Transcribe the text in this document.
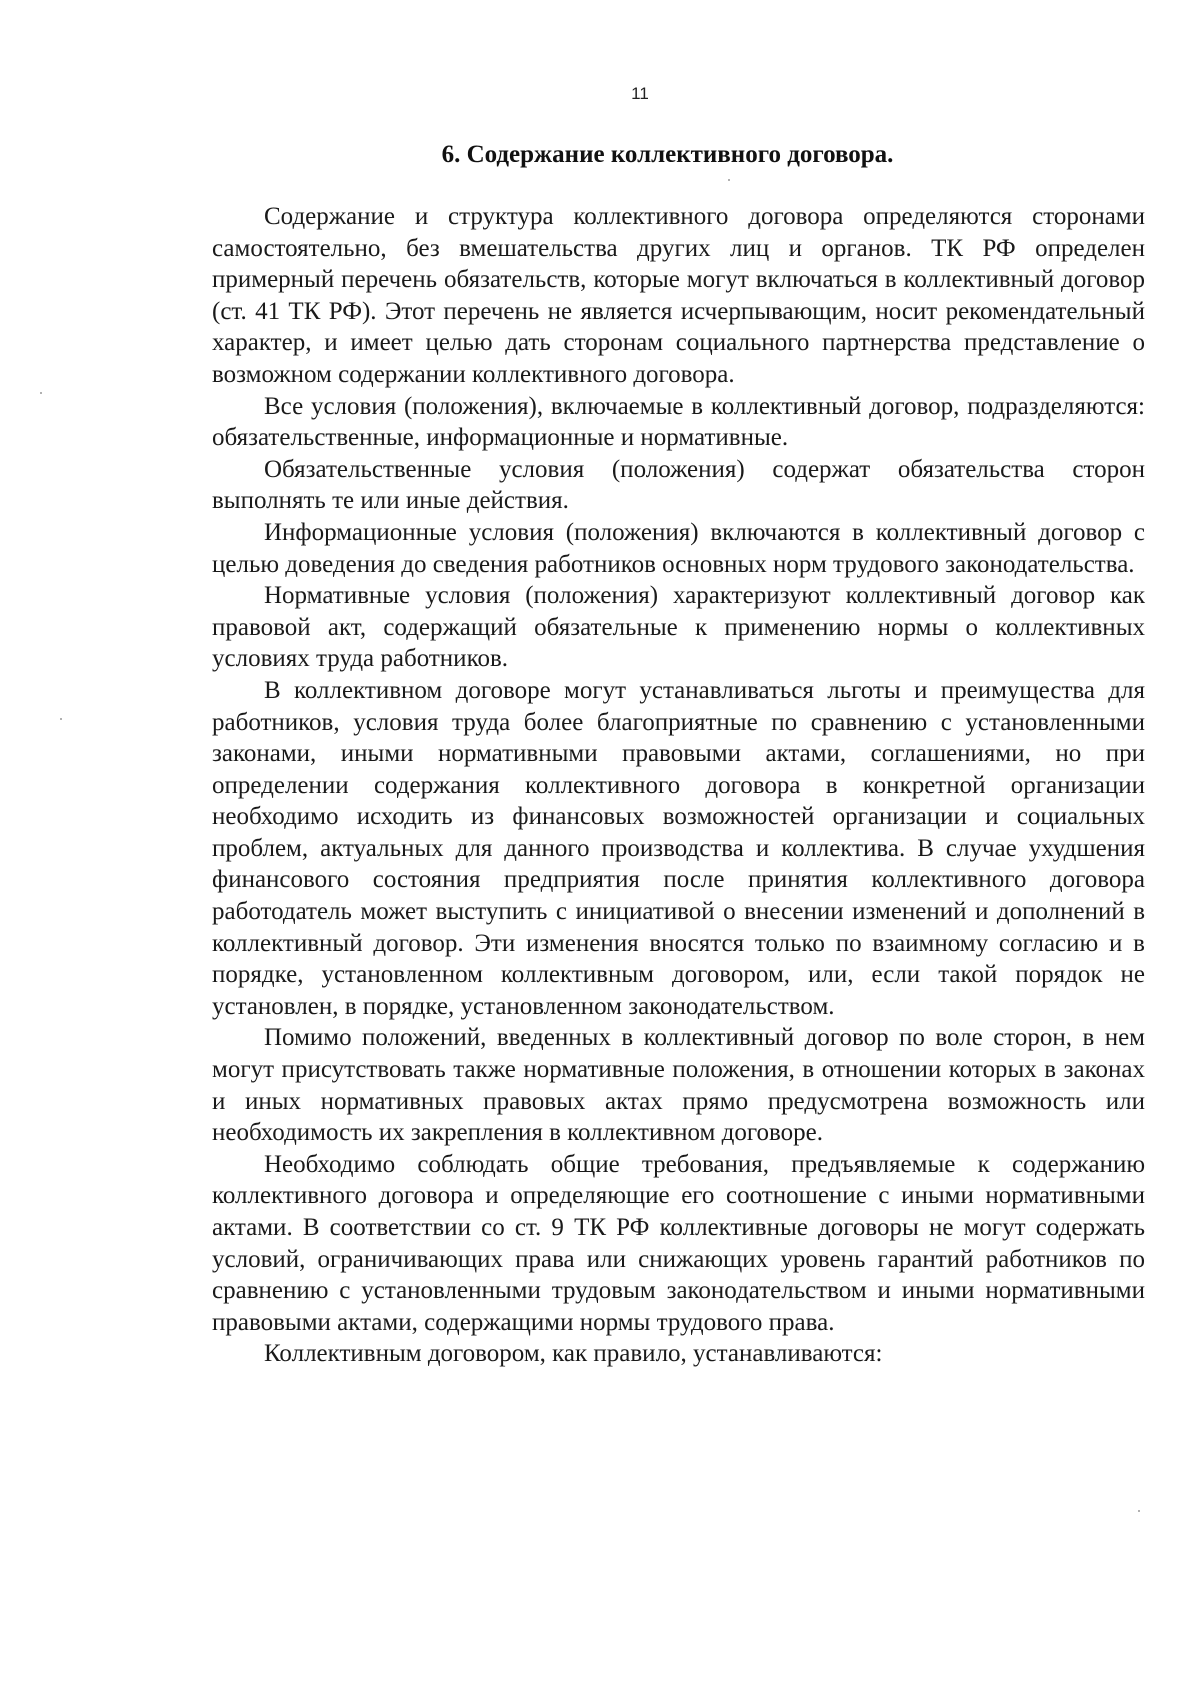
11
6. Содержание коллективного договора.

Содержание и структура коллективного договора определяются сторонами самостоятельно, без вмешательства других лиц и органов. ТК РФ определен примерный перечень обязательств, которые могут включаться в коллективный договор (ст. 41 ТК РФ). Этот перечень не является исчерпывающим, носит рекомендательный характер, и имеет целью дать сторонам социального партнерства представление о возможном содержании коллективного договора.

Все условия (положения), включаемые в коллективный договор, подразделяются: обязательственные, информационные и нормативные.

Обязательственные условия (положения) содержат обязательства сторон выполнять те или иные действия.

Информационные условия (положения) включаются в коллективный договор с целью доведения до сведения работников основных норм трудового законодательства.

Нормативные условия (положения) характеризуют коллективный договор как правовой акт, содержащий обязательные к применению нормы о коллективных условиях труда работников.

В коллективном договоре могут устанавливаться льготы и преимущества для работников, условия труда более благоприятные по сравнению с установленными законами, иными нормативными правовыми актами, соглашениями, но при определении содержания коллективного договора в конкретной организации необходимо исходить из финансовых возможностей организации и социальных проблем, актуальных для данного производства и коллектива. В случае ухудшения финансового состояния предприятия после принятия коллективного договора работодатель может выступить с инициативой о внесении изменений и дополнений в коллективный договор. Эти изменения вносятся только по взаимному согласию и в порядке, установленном коллективным договором, или, если такой порядок не установлен, в порядке, установленном законодательством.

Помимо положений, введенных в коллективный договор по воле сторон, в нем могут присутствовать также нормативные положения, в отношении которых в законах и иных нормативных правовых актах прямо предусмотрена возможность или необходимость их закрепления в коллективном договоре.

Необходимо соблюдать общие требования, предъявляемые к содержанию коллективного договора и определяющие его соотношение с иными нормативными актами. В соответствии со ст. 9 ТК РФ коллективные договоры не могут содержать условий, ограничивающих права или снижающих уровень гарантий работников по сравнению с установленными трудовым законодательством и иными нормативными правовыми актами, содержащими нормы трудового права.

Коллективным договором, как правило, устанавливаются:
